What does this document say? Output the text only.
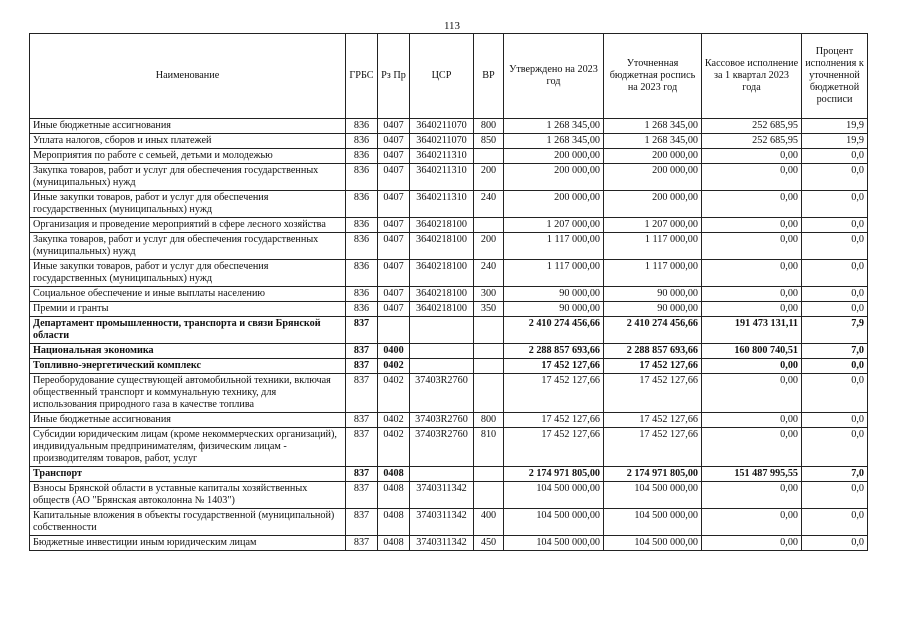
113
Наименование	ГРБС	Рз Пр	ЦСР	ВР	Утверждено на 2023 год	Уточненная бюджетная роспись на 2023 год	Кассовое исполнение за 1 квартал 2023 года	Процент исполнения к уточненной бюджетной росписи
Иные бюджетные ассигнования	836	0407	3640211070	800	1 268 345,00	1 268 345,00	252 685,95	19,9
Уплата налогов, сборов и иных платежей	836	0407	3640211070	850	1 268 345,00	1 268 345,00	252 685,95	19,9
Мероприятия по работе с семьей, детьми и молодежью	836	0407	3640211310		200 000,00	200 000,00	0,00	0,0
Закупка товаров, работ и услуг для обеспечения государственных (муниципальных) нужд	836	0407	3640211310	200	200 000,00	200 000,00	0,00	0,0
Иные закупки товаров, работ и услуг для обеспечения государственных (муниципальных) нужд	836	0407	3640211310	240	200 000,00	200 000,00	0,00	0,0
Организация и проведение мероприятий в сфере лесного хозяйства	836	0407	3640218100		1 207 000,00	1 207 000,00	0,00	0,0
Закупка товаров, работ и услуг для обеспечения государственных (муниципальных) нужд	836	0407	3640218100	200	1 117 000,00	1 117 000,00	0,00	0,0
Иные закупки товаров, работ и услуг для обеспечения государственных (муниципальных) нужд	836	0407	3640218100	240	1 117 000,00	1 117 000,00	0,00	0,0
Социальное обеспечение и иные выплаты населению	836	0407	3640218100	300	90 000,00	90 000,00	0,00	0,0
Премии и гранты	836	0407	3640218100	350	90 000,00	90 000,00	0,00	0,0
Департамент промышленности, транспорта и связи Брянской области	837				2 410 274 456,66	2 410 274 456,66	191 473 131,11	7,9
Национальная экономика	837	0400			2 288 857 693,66	2 288 857 693,66	160 800 740,51	7,0
Топливно-энергетический комплекс	837	0402			17 452 127,66	17 452 127,66	0,00	0,0
Переоборудование существующей автомобильной техники, включая общественный транспорт и коммунальную технику, для использования природного газа в качестве топлива	837	0402	37403R2760		17 452 127,66	17 452 127,66	0,00	0,0
Иные бюджетные ассигнования	837	0402	37403R2760	800	17 452 127,66	17 452 127,66	0,00	0,0
Субсидии юридическим лицам (кроме некоммерческих организаций), индивидуальным предпринимателям, физическим лицам - производителям товаров, работ, услуг	837	0402	37403R2760	810	17 452 127,66	17 452 127,66	0,00	0,0
Транспорт	837	0408			2 174 971 805,00	2 174 971 805,00	151 487 995,55	7,0
Взносы Брянской области в уставные капиталы хозяйственных обществ (АО "Брянская автоколонна № 1403")	837	0408	3740311342		104 500 000,00	104 500 000,00	0,00	0,0
Капитальные вложения в объекты государственной (муниципальной) собственности	837	0408	3740311342	400	104 500 000,00	104 500 000,00	0,00	0,0
Бюджетные инвестиции иным юридическим лицам	837	0408	3740311342	450	104 500 000,00	104 500 000,00	0,00	0,0
